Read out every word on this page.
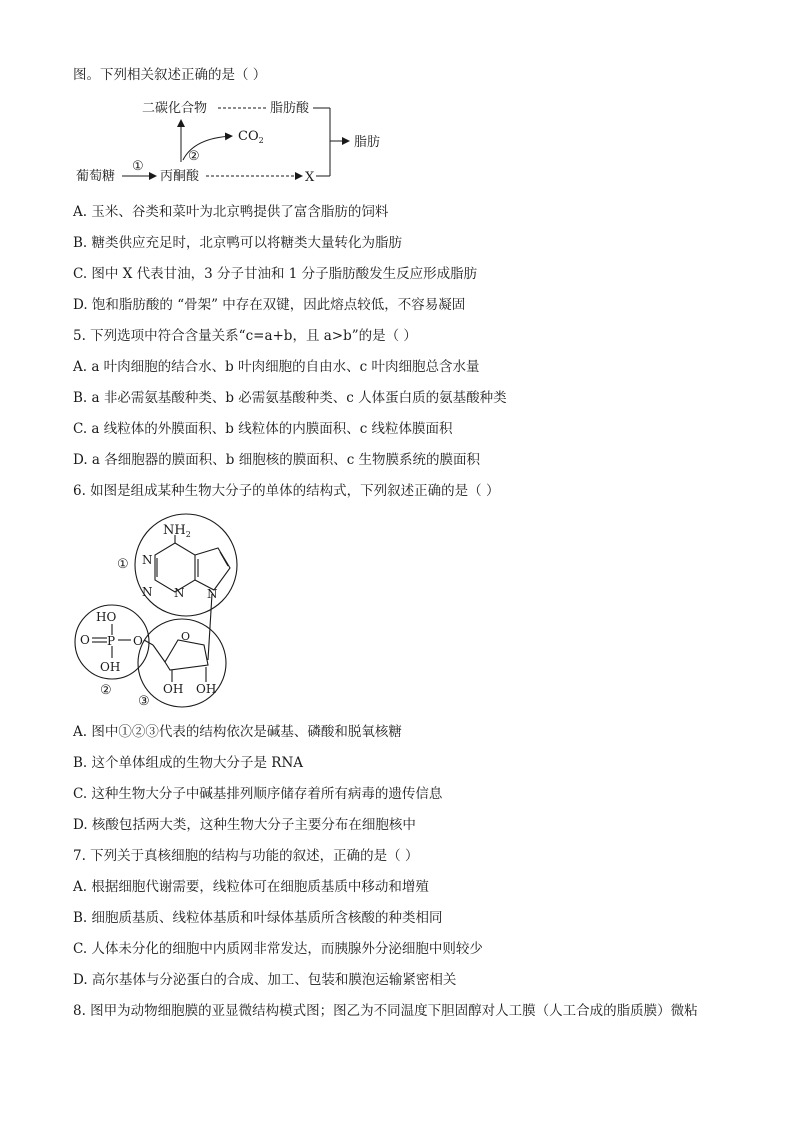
图。下列相关叙述正确的是（ ）
二碳化合物	脂肪酸
脂肪
$CO_2$
②
葡萄糖
①
丙酮酸	X
A. 玉米、谷类和菜叶为北京鸭提供了富含脂肪的饲料
B. 糖类供应充足时，北京鸭可以将糖类大量转化为脂肪
C. 图中 X 代表甘油，3 分子甘油和 1 分子脂肪酸发生反应形成脂肪
D. 饱和脂肪酸的 “骨架” 中存在双键，因此熔点较低，不容易凝固
5. 下列选项中符合含量关系“c=a+b，且 a>b”的是（ ）
A. a 叶肉细胞的结合水、b 叶肉细胞的自由水、c 叶肉细胞总含水量
B. a 非必需氨基酸种类、b 必需氨基酸种类、c 人体蛋白质的氨基酸种类
C. a 线粒体的外膜面积、b 线粒体的内膜面积、c 线粒体膜面积
D. a 各细胞器的膜面积、b 细胞核的膜面积、c 生物膜系统的膜面积
6. 如图是组成某种生物大分子的单体的结构式，下列叙述正确的是（ ）
$NH_2$
N
N N N
①
HO
O P O
OH
O
OH OH
②
③
A. 图中①②③代表的结构依次是碱基、磷酸和脱氧核糖
B. 这个单体组成的生物大分子是 RNA
C. 这种生物大分子中碱基排列顺序储存着所有病毒的遗传信息
D. 核酸包括两大类，这种生物大分子主要分布在细胞核中
7. 下列关于真核细胞的结构与功能的叙述，正确的是（ ）
A. 根据细胞代谢需要，线粒体可在细胞质基质中移动和增殖
B. 细胞质基质、线粒体基质和叶绿体基质所含核酸的种类相同
C. 人体未分化的细胞中内质网非常发达，而胰腺外分泌细胞中则较少
D. 高尔基体与分泌蛋白的合成、加工、包装和膜泡运输紧密相关
8. 图甲为动物细胞膜的亚显微结构模式图；图乙为不同温度下胆固醇对人工膜（人工合成的脂质膜）微粘
